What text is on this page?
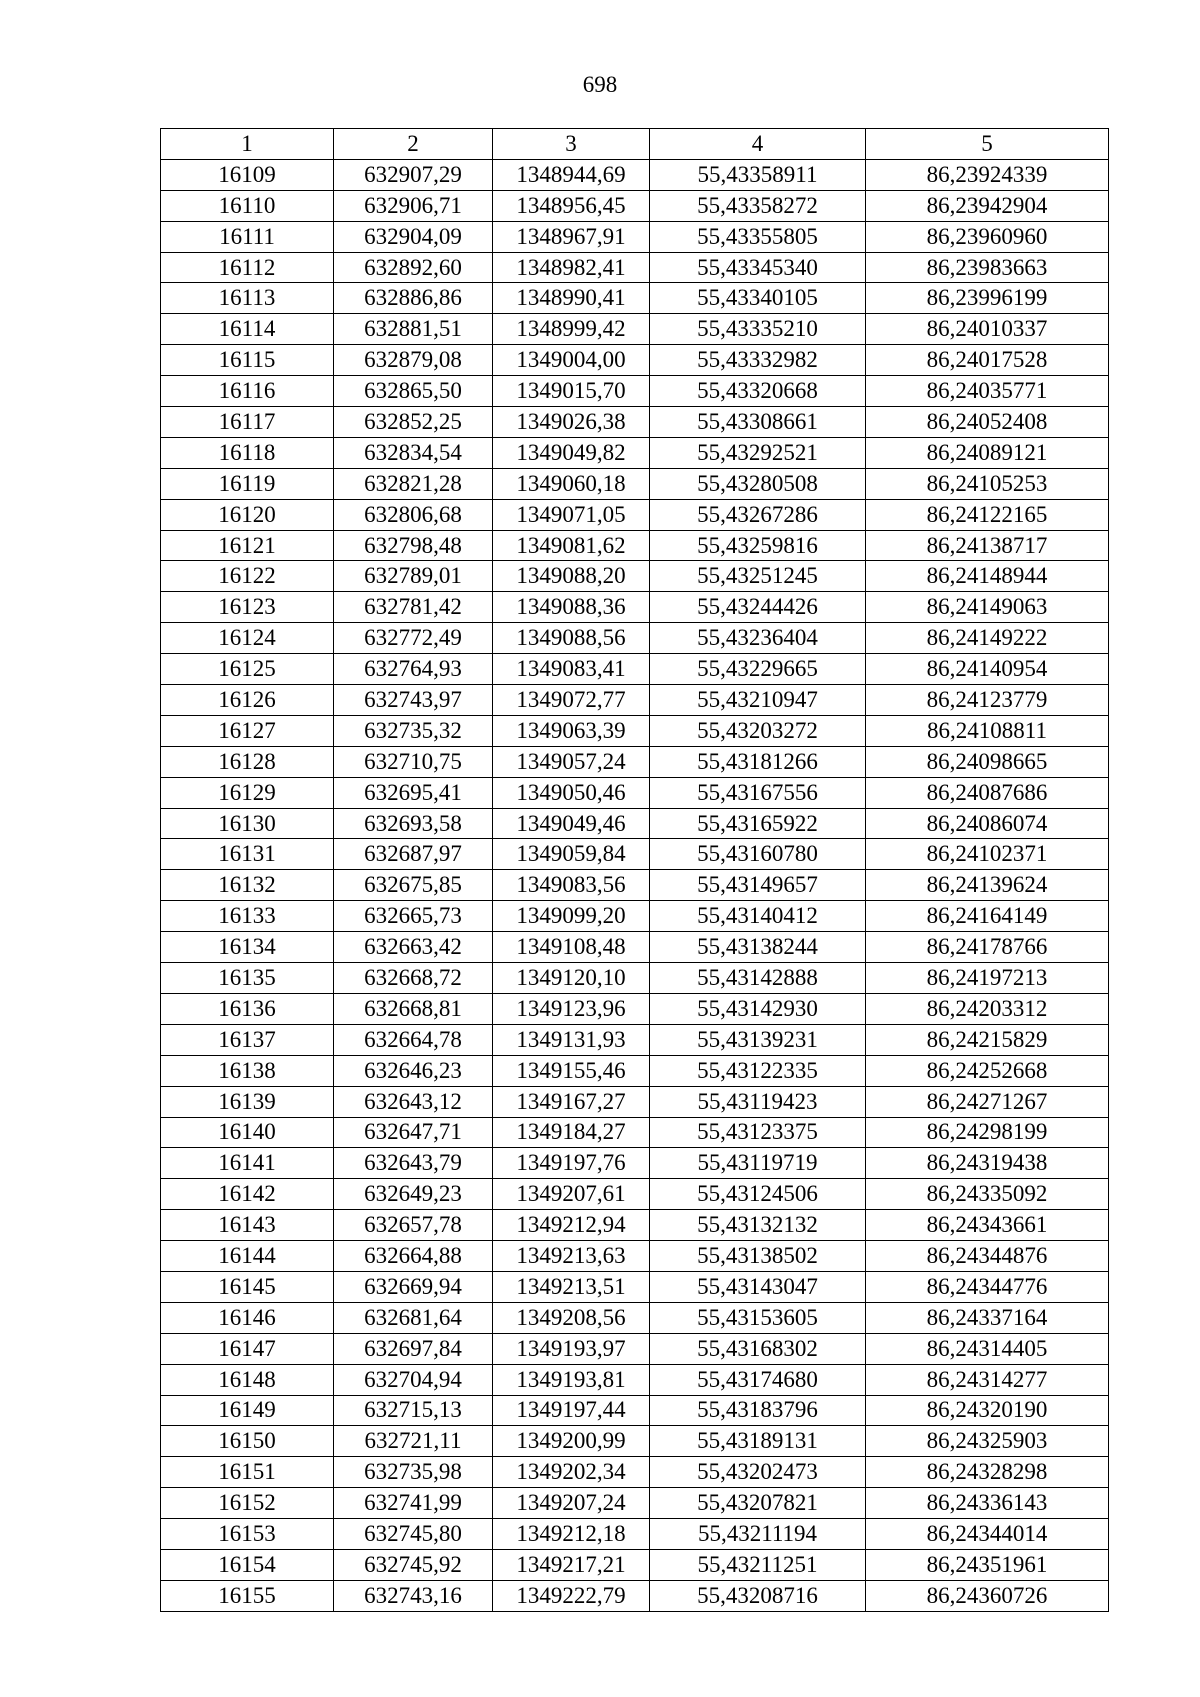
698
1	2	3	4	5
16109	632907,29	1348944,69	55,43358911	86,23924339
16110	632906,71	1348956,45	55,43358272	86,23942904
16111	632904,09	1348967,91	55,43355805	86,23960960
16112	632892,60	1348982,41	55,43345340	86,23983663
16113	632886,86	1348990,41	55,43340105	86,23996199
16114	632881,51	1348999,42	55,43335210	86,24010337
16115	632879,08	1349004,00	55,43332982	86,24017528
16116	632865,50	1349015,70	55,43320668	86,24035771
16117	632852,25	1349026,38	55,43308661	86,24052408
16118	632834,54	1349049,82	55,43292521	86,24089121
16119	632821,28	1349060,18	55,43280508	86,24105253
16120	632806,68	1349071,05	55,43267286	86,24122165
16121	632798,48	1349081,62	55,43259816	86,24138717
16122	632789,01	1349088,20	55,43251245	86,24148944
16123	632781,42	1349088,36	55,43244426	86,24149063
16124	632772,49	1349088,56	55,43236404	86,24149222
16125	632764,93	1349083,41	55,43229665	86,24140954
16126	632743,97	1349072,77	55,43210947	86,24123779
16127	632735,32	1349063,39	55,43203272	86,24108811
16128	632710,75	1349057,24	55,43181266	86,24098665
16129	632695,41	1349050,46	55,43167556	86,24087686
16130	632693,58	1349049,46	55,43165922	86,24086074
16131	632687,97	1349059,84	55,43160780	86,24102371
16132	632675,85	1349083,56	55,43149657	86,24139624
16133	632665,73	1349099,20	55,43140412	86,24164149
16134	632663,42	1349108,48	55,43138244	86,24178766
16135	632668,72	1349120,10	55,43142888	86,24197213
16136	632668,81	1349123,96	55,43142930	86,24203312
16137	632664,78	1349131,93	55,43139231	86,24215829
16138	632646,23	1349155,46	55,43122335	86,24252668
16139	632643,12	1349167,27	55,43119423	86,24271267
16140	632647,71	1349184,27	55,43123375	86,24298199
16141	632643,79	1349197,76	55,43119719	86,24319438
16142	632649,23	1349207,61	55,43124506	86,24335092
16143	632657,78	1349212,94	55,43132132	86,24343661
16144	632664,88	1349213,63	55,43138502	86,24344876
16145	632669,94	1349213,51	55,43143047	86,24344776
16146	632681,64	1349208,56	55,43153605	86,24337164
16147	632697,84	1349193,97	55,43168302	86,24314405
16148	632704,94	1349193,81	55,43174680	86,24314277
16149	632715,13	1349197,44	55,43183796	86,24320190
16150	632721,11	1349200,99	55,43189131	86,24325903
16151	632735,98	1349202,34	55,43202473	86,24328298
16152	632741,99	1349207,24	55,43207821	86,24336143
16153	632745,80	1349212,18	55,43211194	86,24344014
16154	632745,92	1349217,21	55,43211251	86,24351961
16155	632743,16	1349222,79	55,43208716	86,24360726
